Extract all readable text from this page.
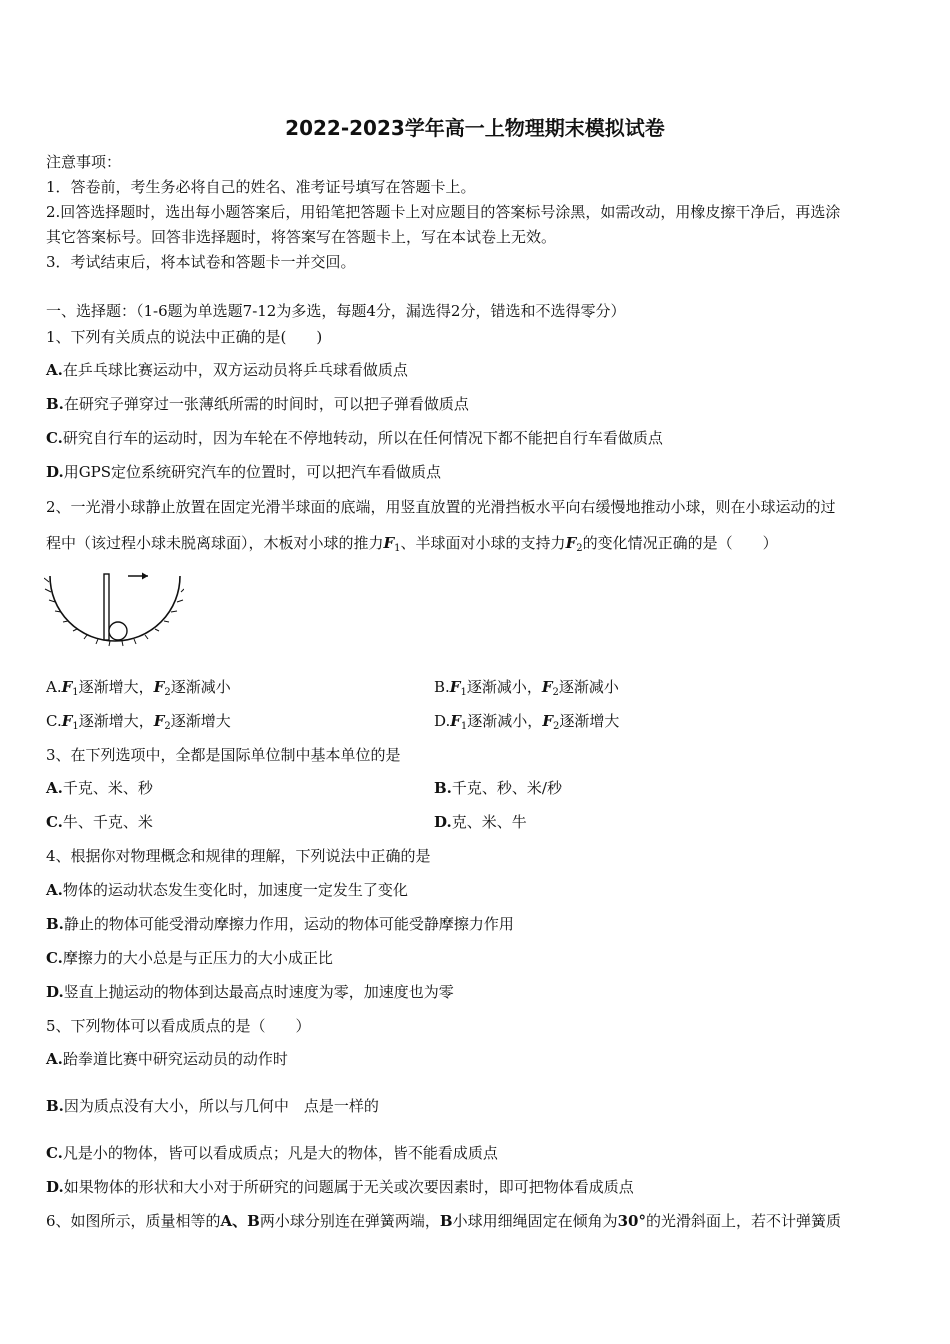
2022-2023学年高一上物理期末模拟试卷
注意事项：
1．答卷前，考生务必将自己的姓名、准考证号填写在答题卡上。
2.回答选择题时，选出每小题答案后，用铅笔把答题卡上对应题目的答案标号涂黑，如需改动，用橡皮擦干净后，再选涂
其它答案标号。回答非选择题时，将答案写在答题卡上，写在本试卷上无效。
3．考试结束后，将本试卷和答题卡一并交回。
一、选择题：（1-6题为单选题7-12为多选，每题4分，漏选得2分，错选和不选得零分）
1、下列有关质点的说法中正确的是(　　)
A.在乒乓球比赛运动中，双方运动员将乒乓球看做质点
B.在研究子弹穿过一张薄纸所需的时间时，可以把子弹看做质点
C.研究自行车的运动时，因为车轮在不停地转动，所以在任何情况下都不能把自行车看做质点
D.用GPS定位系统研究汽车的位置时，可以把汽车看做质点
2、一光滑小球静止放置在固定光滑半球面的底端，用竖直放置的光滑挡板水平向右缓慢地推动小球，则在小球运动的过
程中（该过程小球未脱离球面），木板对小球的推力$F_1$、半球面对小球的支持力$F_2$的变化情况正确的是（　　）
$A.F_1$逐渐增大，$F_2$逐渐减小	$B.F_1$逐渐减小，$F_2$逐渐减小
$C.F_1$逐渐增大，$F_2$逐渐增大	$D.F_1$逐渐减小，$F_2$逐渐增大
3、在下列选项中，全都是国际单位制中基本单位的是
A.千克、米、秒	B.千克、秒、米/秒
C.牛、千克、米	D.克、米、牛
4、根据你对物理概念和规律的理解，下列说法中正确的是
A.物体的运动状态发生变化时，加速度一定发生了变化
B.静止的物体可能受滑动摩擦力作用，运动的物体可能受静摩擦力作用
C.摩擦力的大小总是与正压力的大小成正比
D.竖直上抛运动的物体到达最高点时速度为零，加速度也为零
5、下列物体可以看成质点的是（　　）
A.跆拳道比赛中研究运动员的动作时
B.因为质点没有大小，所以与几何中　点是一样的
C.凡是小的物体，皆可以看成质点；凡是大的物体，皆不能看成质点
D.如果物体的形状和大小对于所研究的问题属于无关或次要因素时，即可把物体看成质点
6、如图所示，质量相等的A、B两小球分别连在弹簧两端，B小球用细绳固定在倾角为30°的光滑斜面上，若不计弹簧质
